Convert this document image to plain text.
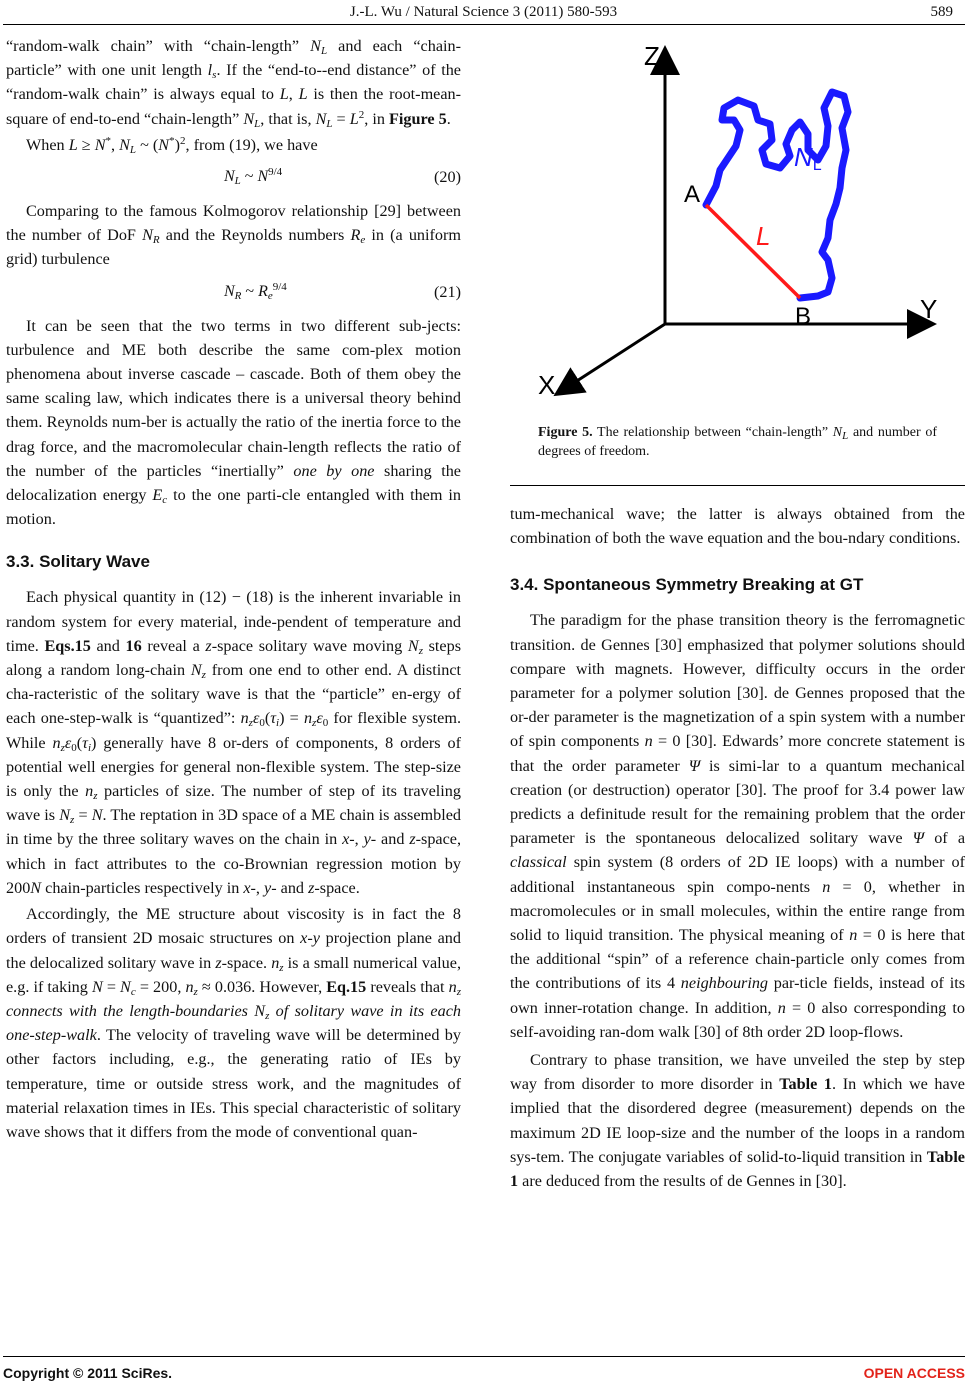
J.-L. Wu / Natural Science 3 (2011) 580-593	589

“random-walk chain” with “chain-length” $N_L$ and each “chain-particle” with one unit length $l_s$. If the “end-to--end distance” of the “random-walk chain” is always equal to L, L is then the root-mean-square of end-to-end “chain-length” $N_L$, that is, $N_L = L^2$, in Figure 5.

When L ≥ N*, $N_L$ ~ $(N^*)^2$, from (19), we have

$N_L$ ~ $N^{9/4}$	(20)

Comparing to the famous Kolmogorov relationship [29] between the number of DoF $N_R$ and the Reynolds numbers $R_e$ in (a uniform grid) turbulence

$N_R$ ~ $R_e^{9/4}$	(21)

It can be seen that the two terms in two different sub-jects: turbulence and ME both describe the same com-plex motion phenomena about inverse cascade – cascade. Both of them obey the same scaling law, which indicates there is a universal theory behind them. Reynolds num-ber is actually the ratio of the inertia force to the drag force, and the macromolecular chain-length reflects the ratio of the number of the particles “inertially” one by one sharing the delocalization energy $E_c$ to the one parti-cle entangled with them in motion.

3.3. Solitary Wave

Each physical quantity in (12) − (18) is the inherent invariable in random system for every material, inde-pendent of temperature and time. Eqs.15 and 16 reveal a z-space solitary wave moving $N_z$ steps along a random long-chain $N_z$ from one end to other end. A distinct cha-racteristic of the solitary wave is that the “particle” en-ergy of each one-step-walk is “quantized”: $n_z\varepsilon_0(\tau_i) = n_z\varepsilon_0$ for flexible system. While $n_z\varepsilon_0(\tau_i)$ generally have 8 or-ders of components, 8 orders of potential well energies for general non-flexible system. The step-size is only the $n_z$ particles of size. The number of step of its traveling wave is $N_z = N$. The reptation in 3D space of a ME chain is assembled in time by the three solitary waves on the chain in x-, y- and z-space, which in fact attributes to the co-Brownian regression motion by 200N chain-particles respectively in x-, y- and z-space.

Accordingly, the ME structure about viscosity is in fact the 8 orders of transient 2D mosaic structures on x-y projection plane and the delocalized solitary wave in z-space. $n_z$ is a small numerical value, e.g. if taking $N = N_c = 200$, $n_z \approx 0.036$. However, Eq.15 reveals that $n_z$ connects with the length-boundaries $N_z$ of solitary wave in its each one-step-walk. The velocity of traveling wave will be determined by other factors including, e.g., the generating ratio of IEs by temperature, time or outside stress work, and the magnitudes of material relaxation times in IEs. This special characteristic of solitary wave shows that it differs from the mode of conventional quan-

Z
Y
X
A
B
L
NL

Figure 5. The relationship between “chain-length” $N_L$ and number of degrees of freedom.

tum-mechanical wave; the latter is always obtained from the combination of both the wave equation and the bou-ndary conditions.

3.4. Spontaneous Symmetry Breaking at GT

The paradigm for the phase transition theory is the ferromagnetic transition. de Gennes [30] emphasized that polymer solutions should compare with magnets. However, difficulty occurs in the order parameter for a polymer solution [30]. de Gennes proposed that the or-der parameter is the magnetization of a spin system with a number of spin components n = 0 [30]. Edwards’ more concrete statement is that the order parameter Ψ is simi-lar to a quantum mechanical creation (or destruction) operator [30]. The proof for 3.4 power law predicts a definitude result for the remaining problem that the order parameter is the spontaneous delocalized solitary wave Ψ of a classical spin system (8 orders of 2D IE loops) with a number of additional instantaneous spin compo-nents n = 0, whether in macromolecules or in small molecules, within the entire range from solid to liquid transition. The physical meaning of n = 0 is here that the additional “spin” of a reference chain-particle only comes from the contributions of its 4 neighbouring par-ticle fields, instead of its own inner-rotation change. In addition, n = 0 also corresponding to self-avoiding ran-dom walk [30] of 8th order 2D loop-flows.

Contrary to phase transition, we have unveiled the step by step way from disorder to more disorder in Table 1. In which we have implied that the disordered degree (measurement) depends on the maximum 2D IE loop-size and the number of the loops in a random sys-tem. The conjugate variables of solid-to-liquid transition in Table 1 are deduced from the results of de Gennes in [30].

Copyright © 2011 SciRes.	OPEN ACCESS
